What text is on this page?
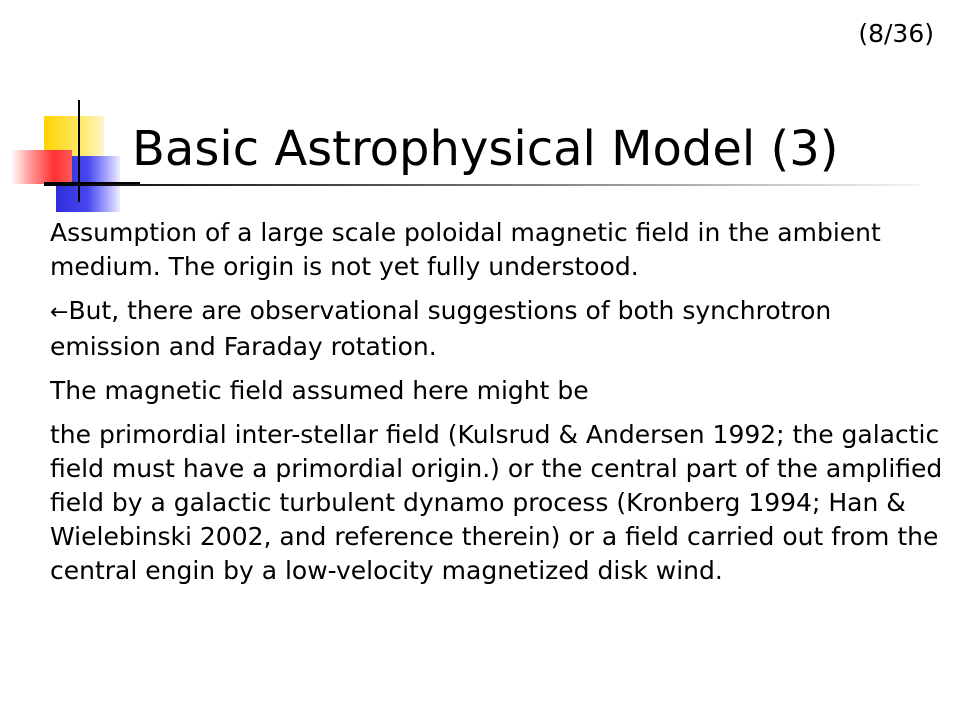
(8/36)
Basic Astrophysical Model (3)

Assumption of a large scale poloidal magnetic field in the ambient medium. The origin is not yet fully understood.

←But, there are observational suggestions of both synchrotron emission and Faraday rotation.

The magnetic field assumed here might be

the primordial inter-stellar field (Kulsrud & Andersen 1992; the galactic field must have a primordial origin.) or the central part of the amplified field by a galactic turbulent dynamo process (Kronberg 1994; Han & Wielebinski 2002, and reference therein) or a field carried out from the central engin by a low-velocity magnetized disk wind.
